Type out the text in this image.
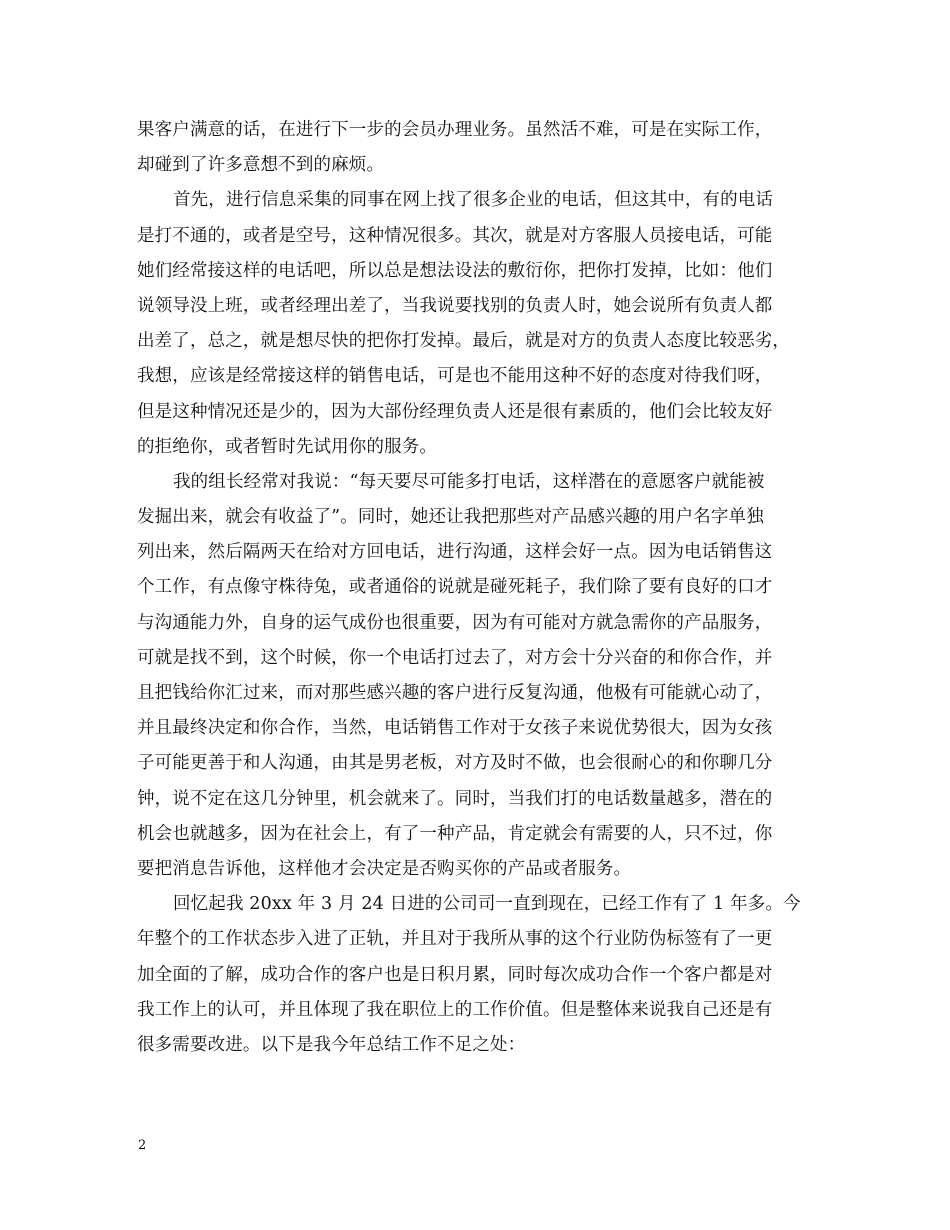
果客户满意的话，在进行下一步的会员办理业务。虽然活不难，可是在实际工作，
却碰到了许多意想不到的麻烦。
首先，进行信息采集的同事在网上找了很多企业的电话，但这其中，有的电话
是打不通的，或者是空号，这种情况很多。其次，就是对方客服人员接电话，可能
她们经常接这样的电话吧，所以总是想法设法的敷衍你，把你打发掉，比如：他们
说领导没上班，或者经理出差了，当我说要找别的负责人时，她会说所有负责人都
出差了，总之，就是想尽快的把你打发掉。最后，就是对方的负责人态度比较恶劣，
我想，应该是经常接这样的销售电话，可是也不能用这种不好的态度对待我们呀，
但是这种情况还是少的，因为大部份经理负责人还是很有素质的，他们会比较友好
的拒绝你，或者暂时先试用你的服务。
我的组长经常对我说：“每天要尽可能多打电话，这样潜在的意愿客户就能被
发掘出来，就会有收益了”。同时，她还让我把那些对产品感兴趣的用户名字单独
列出来，然后隔两天在给对方回电话，进行沟通，这样会好一点。因为电话销售这
个工作，有点像守株待兔，或者通俗的说就是碰死耗子，我们除了要有良好的口才
与沟通能力外，自身的运气成份也很重要，因为有可能对方就急需你的产品服务，
可就是找不到，这个时候，你一个电话打过去了，对方会十分兴奋的和你合作，并
且把钱给你汇过来，而对那些感兴趣的客户进行反复沟通，他极有可能就心动了，
并且最终决定和你合作，当然，电话销售工作对于女孩子来说优势很大，因为女孩
子可能更善于和人沟通，由其是男老板，对方及时不做，也会很耐心的和你聊几分
钟，说不定在这几分钟里，机会就来了。同时，当我们打的电话数量越多，潜在的
机会也就越多，因为在社会上，有了一种产品，肯定就会有需要的人，只不过，你
要把消息告诉他，这样他才会决定是否购买你的产品或者服务。
回忆起我 20xx 年 3 月 24 日进的公司司一直到现在，已经工作有了 1 年多。今
年整个的工作状态步入进了正轨，并且对于我所从事的这个行业防伪标签有了一更
加全面的了解，成功合作的客户也是日积月累，同时每次成功合作一个客户都是对
我工作上的认可，并且体现了我在职位上的工作价值。但是整体来说我自己还是有
很多需要改进。以下是我今年总结工作不足之处：
2
